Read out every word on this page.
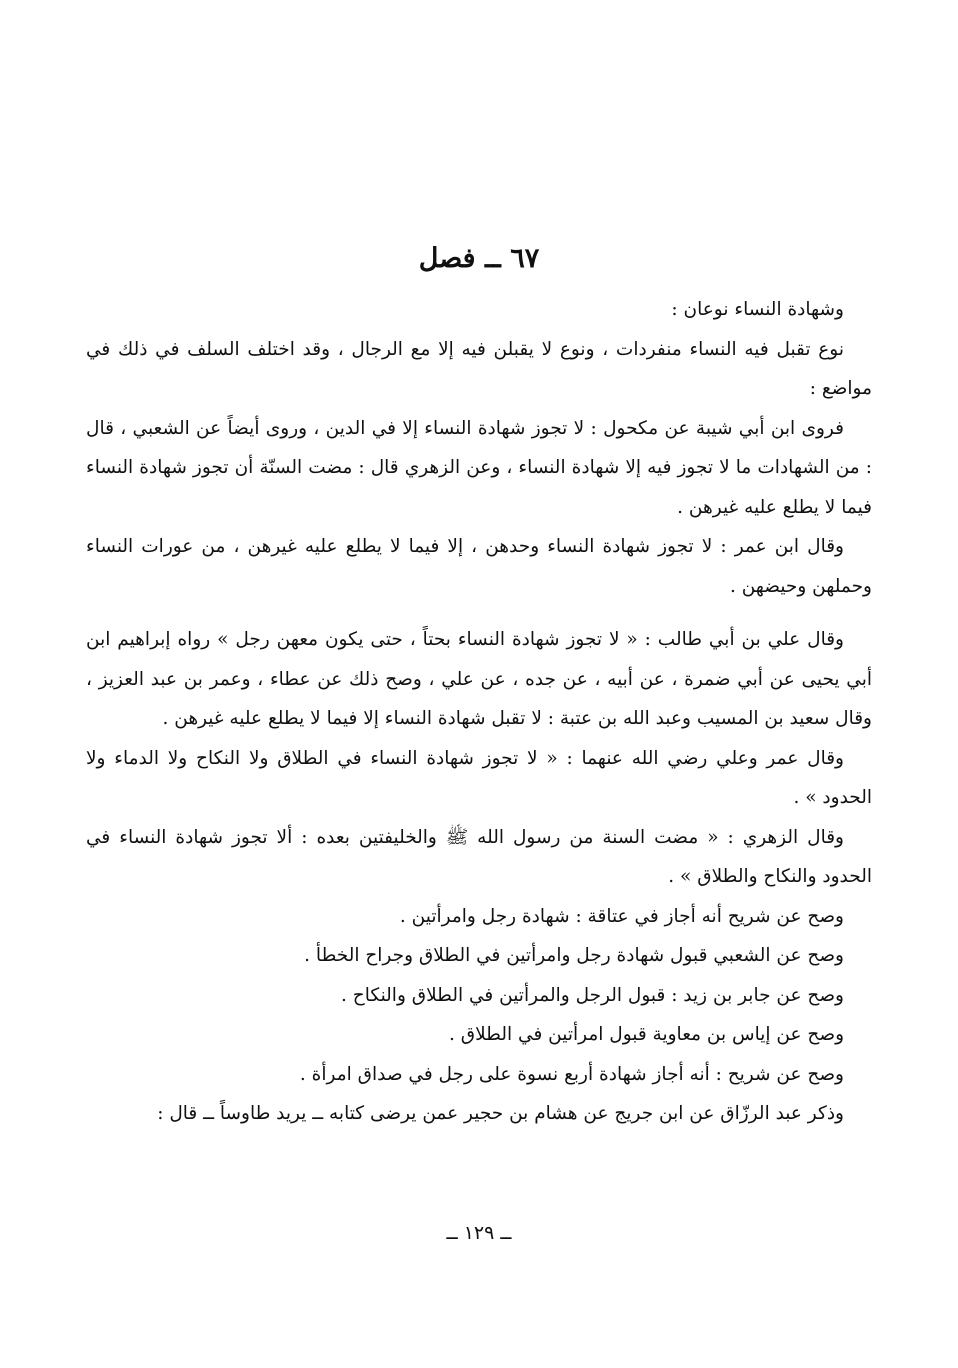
٦٧ ــ فصل

وشهادة النساء نوعان :

نوع تقبل فيه النساء منفردات ، ونوع لا يقبلن فيه إلا مع الرجال ، وقد اختلف السلف في ذلك في مواضع :

فروى ابن أبي شيبة عن مكحول : لا تجوز شهادة النساء إلا في الدين ، وروى أيضاً عن الشعبي ، قال : من الشهادات ما لا تجوز فيه إلا شهادة النساء ، وعن الزهري قال : مضت السنّة أن تجوز شهادة النساء فيما لا يطلع عليه غيرهن .

وقال ابن عمر : لا تجوز شهادة النساء وحدهن ، إلا فيما لا يطلع عليه غيرهن ، من عورات النساء وحملهن وحيضهن .

وقال علي بن أبي طالب : « لا تجوز شهادة النساء بحتاً ، حتى يكون معهن رجل » رواه إبراهيم ابن أبي يحيى عن أبي ضمرة ، عن أبيه ، عن جده ، عن علي ، وصح ذلك عن عطاء ، وعمر بن عبد العزيز ، وقال سعيد بن المسيب وعبد الله بن عتبة : لا تقبل شهادة النساء إلا فيما لا يطلع عليه غيرهن .

وقال عمر وعلي رضي الله عنهما : « لا تجوز شهادة النساء في الطلاق ولا النكاح ولا الدماء ولا الحدود » .

وقال الزهري : « مضت السنة من رسول الله ﷺ والخليفتين بعده : ألا تجوز شهادة النساء في الحدود والنكاح والطلاق » .

وصح عن شريح أنه أجاز في عتاقة : شهادة رجل وامرأتين .

وصح عن الشعبي قبول شهادة رجل وامرأتين في الطلاق وجراح الخطأ .

وصح عن جابر بن زيد : قبول الرجل والمرأتين في الطلاق والنكاح .

وصح عن إياس بن معاوية قبول امرأتين في الطلاق .

وصح عن شريح : أنه أجاز شهادة أربع نسوة على رجل في صداق امرأة .

وذكر عبد الرزّاق عن ابن جريج عن هشام بن حجير عمن يرضى كتابه ــ يريد طاوساً ــ قال :

ــ ١٢٩ ــ
